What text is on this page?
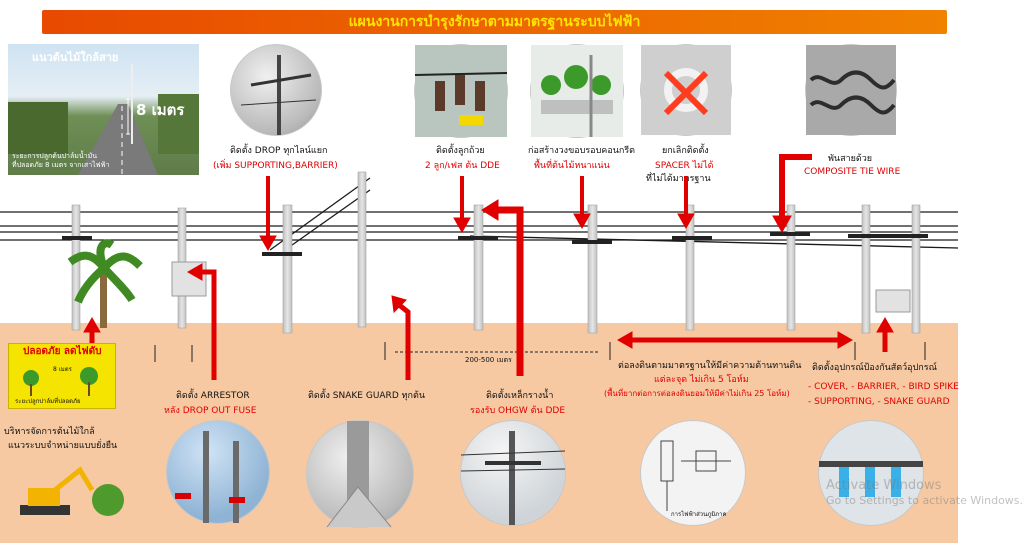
แผนงานการบำรุงรักษาตามมาตรฐานระบบไฟฟ้า
แนวต้นไม้ใกล้สาย
8 เมตร
ระยะการปลูกต้นปาล์มน้ำมัน
ที่ปลอดภัย 8 เมตร จากเสาไฟฟ้า
ติดตั้ง DROP ทุกไลน์แยก
(เพิ่ม SUPPORTING,BARRIER)
ติดตั้งลูกถ้วย
2 ลูก/เฟส ต้น DDE
ก่อสร้างวงขอบรอบคอนกรีต
พื้นที่ต้นไม้หนาแน่น
ยกเลิกติดตั้ง
SPACER ไม่ได้
ที่ไม่ได้มาตรฐาน
พันสายด้วย
COMPOSITE TIE WIRE
200-500 เมตร
ปลอดภัย ลดไฟดับ
8 เมตร
ระยะปลูกปาล์มที่ปลอดภัย
บริหารจัดการต้นไม้ใกล้
แนวระบบจำหน่ายแบบยั่งยืน
ติดตั้ง ARRESTOR
หลัง DROP OUT FUSE
ติดตั้ง SNAKE GUARD ทุกต้น	ติดตั้งเหล็กรางน้ำ
รองรับ OHGW ต้น DDE
ต่อลงดินตามมาตรฐานให้มีค่าความต้านทานดิน
แต่ละจุด ไม่เกิน 5 โอห์ม
(พื้นที่ยากต่อการต่อลงดินยอมให้มีค่าไม่เกิน 25 โอห์ม)
ติดตั้งอุปกรณ์ป้องกันสัตว์อุปกรณ์
- COVER, - BARRIER, - BIRD SPIKE
- SUPPORTING, - SNAKE GUARD
การไฟฟ้าส่วนภูมิภาค
Activate Windows
Go to Settings to activate Windows.
